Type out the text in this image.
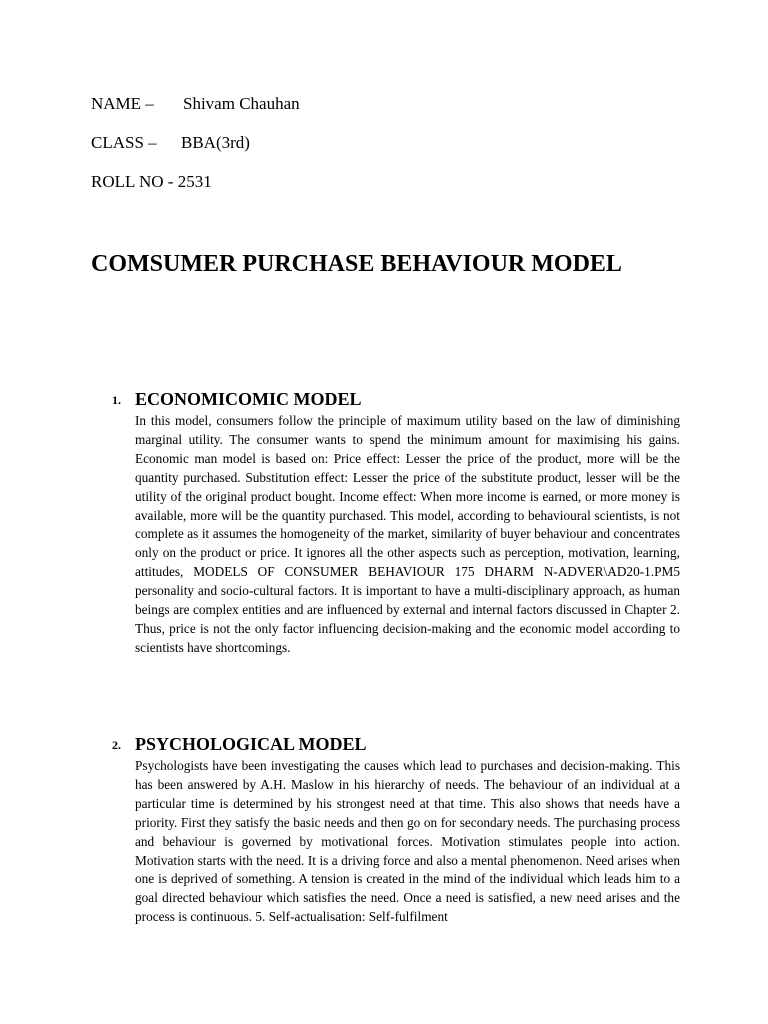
NAME – Shivam Chauhan
CLASS – BBA(3rd)
ROLL NO - 2531
COMSUMER PURCHASE BEHAVIOUR MODEL
1. ECONOMICOMIC MODEL
In this model, consumers follow the principle of maximum utility based on the law of diminishing marginal utility. The consumer wants to spend the minimum amount for maximising his gains. Economic man model is based on: Price effect: Lesser the price of the product, more will be the quantity purchased. Substitution effect: Lesser the price of the substitute product, lesser will be the utility of the original product bought. Income effect: When more income is earned, or more money is available, more will be the quantity purchased. This model, according to behavioural scientists, is not complete as it assumes the homogeneity of the market, similarity of buyer behaviour and concentrates only on the product or price. It ignores all the other aspects such as perception, motivation, learning, attitudes, MODELS OF CONSUMER BEHAVIOUR 175 DHARM N-ADVER\AD20-1.PM5 personality and socio-cultural factors. It is important to have a multi-disciplinary approach, as human beings are complex entities and are influenced by external and internal factors discussed in Chapter 2. Thus, price is not the only factor influencing decision-making and the economic model according to scientists have shortcomings.
2. PSYCHOLOGICAL MODEL
Psychologists have been investigating the causes which lead to purchases and decision-making. This has been answered by A.H. Maslow in his hierarchy of needs. The behaviour of an individual at a particular time is determined by his strongest need at that time. This also shows that needs have a priority. First they satisfy the basic needs and then go on for secondary needs. The purchasing process and behaviour is governed by motivational forces. Motivation stimulates people into action. Motivation starts with the need. It is a driving force and also a mental phenomenon. Need arises when one is deprived of something. A tension is created in the mind of the individual which leads him to a goal directed behaviour which satisfies the need. Once a need is satisfied, a new need arises and the process is continuous. 5. Self-actualisation: Self-fulfilment
